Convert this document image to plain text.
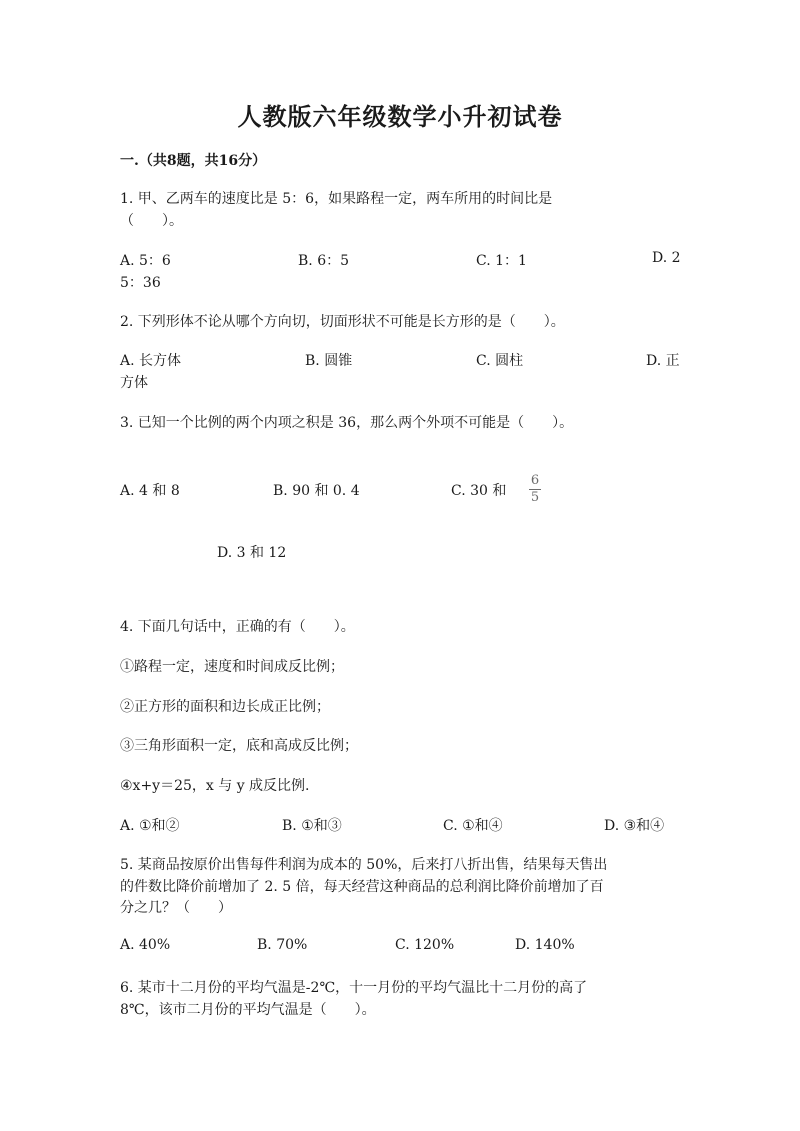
人教版六年级数学小升初试卷
一.（共8题，共16分）
1. 甲、乙两车的速度比是 5：6，如果路程一定，两车所用的时间比是
（　　）。
A. 5：6	B. 6：5	C. 1：1	D. 2
5：36
2. 下列形体不论从哪个方向切，切面形状不可能是长方形的是（　　）。
A. 长方体	B. 圆锥	C. 圆柱	D. 正
方体
3. 已知一个比例的两个内项之积是 36，那么两个外项不可能是（　　）。
A. 4 和 8	B. 90 和 0. 4	C. 30 和
6
5
D. 3 和 12
4. 下面几句话中，正确的有（　　）。
①路程一定，速度和时间成反比例；
②正方形的面积和边长成正比例；
③三角形面积一定，底和高成反比例；
④x+y＝25，x 与 y 成反比例.
A. ①和②	B. ①和③	C. ①和④	D. ③和④
5. 某商品按原价出售每件利润为成本的 50%，后来打八折出售，结果每天售出
的件数比降价前增加了 2. 5 倍，每天经营这种商品的总利润比降价前增加了百
分之几？（　　）
A. 40%	B. 70%	C. 120%	D. 140%
6. 某市十二月份的平均气温是-2℃，十一月份的平均气温比十二月份的高了
8℃，该市二月份的平均气温是（　　）。
